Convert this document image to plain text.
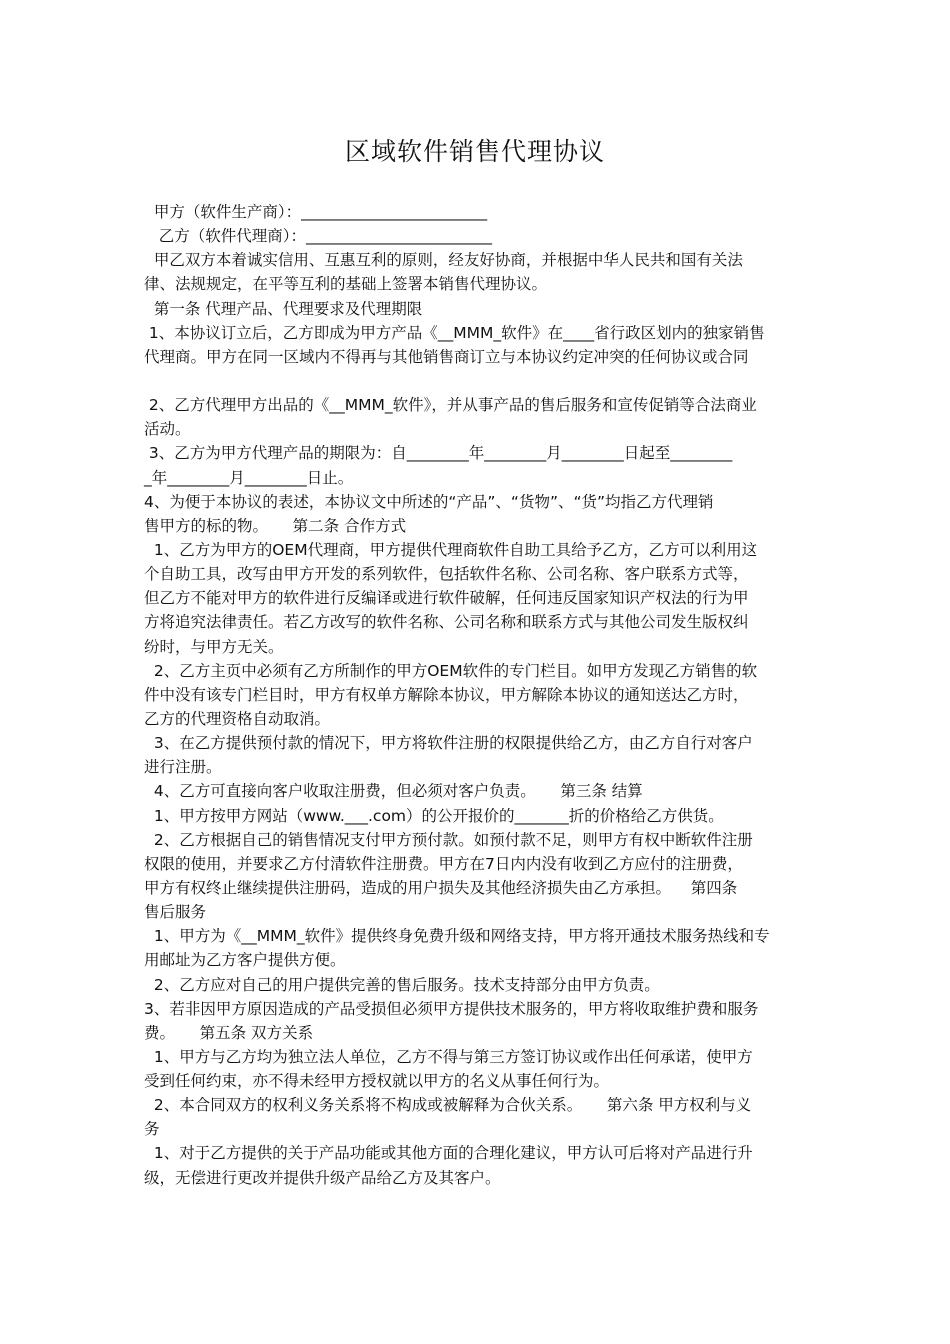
区域软件销售代理协议
甲方（软件生产商）：________________________
乙方（软件代理商）：________________________
甲乙双方本着诚实信用、互惠互利的原则，经友好协商，并根据中华人民共和国有关法
律、法规规定，在平等互利的基础上签署本销售代理协议。
第一条 代理产品、代理要求及代理期限
1、本协议订立后，乙方即成为甲方产品《__MMM_软件》在____省行政区划内的独家销售
代理商。甲方在同一区域内不得再与其他销售商订立与本协议约定冲突的任何协议或合同
2、乙方代理甲方出品的《__MMM_软件》，并从事产品的售后服务和宣传促销等合法商业
活动。
3、乙方为甲方代理产品的期限为：自________年________月________日起至________
_年________月________日止。
4、为便于本协议的表述，本协议文中所述的“产品”、“货物”、“货”均指乙方代理销
售甲方的标的物。     第二条 合作方式
1、乙方为甲方的OEM代理商，甲方提供代理商软件自助工具给予乙方，乙方可以利用这
个自助工具，改写由甲方开发的系列软件，包括软件名称、公司名称、客户联系方式等，
但乙方不能对甲方的软件进行反编译或进行软件破解，任何违反国家知识产权法的行为甲
方将追究法律责任。若乙方改写的软件名称、公司名称和联系方式与其他公司发生版权纠
纷时，与甲方无关。
2、乙方主页中必须有乙方所制作的甲方OEM软件的专门栏目。如甲方发现乙方销售的软
件中没有该专门栏目时，甲方有权单方解除本协议，甲方解除本协议的通知送达乙方时，
乙方的代理资格自动取消。
3、在乙方提供预付款的情况下，甲方将软件注册的权限提供给乙方，由乙方自行对客户
进行注册。
4、乙方可直接向客户收取注册费，但必须对客户负责。     第三条 结算
1、甲方按甲方网站（www.___.com）的公开报价的_______折的价格给乙方供货。
2、乙方根据自己的销售情况支付甲方预付款。如预付款不足，则甲方有权中断软件注册
权限的使用，并要求乙方付清软件注册费。甲方在7日内内没有收到乙方应付的注册费，
甲方有权终止继续提供注册码，造成的用户损失及其他经济损失由乙方承担。    第四条
售后服务
1、甲方为《__MMM_软件》提供终身免费升级和网络支持，甲方将开通技术服务热线和专
用邮址为乙方客户提供方便。
2、乙方应对自己的用户提供完善的售后服务。技术支持部分由甲方负责。
3、若非因甲方原因造成的产品受损但必须甲方提供技术服务的，甲方将收取维护费和服务
费。     第五条 双方关系
1、甲方与乙方均为独立法人单位，乙方不得与第三方签订协议或作出任何承诺，使甲方
受到任何约束，亦不得未经甲方授权就以甲方的名义从事任何行为。
2、本合同双方的权利义务关系将不构成或被解释为合伙关系。     第六条 甲方权利与义
务
1、对于乙方提供的关于产品功能或其他方面的合理化建议，甲方认可后将对产品进行升
级，无偿进行更改并提供升级产品给乙方及其客户。
